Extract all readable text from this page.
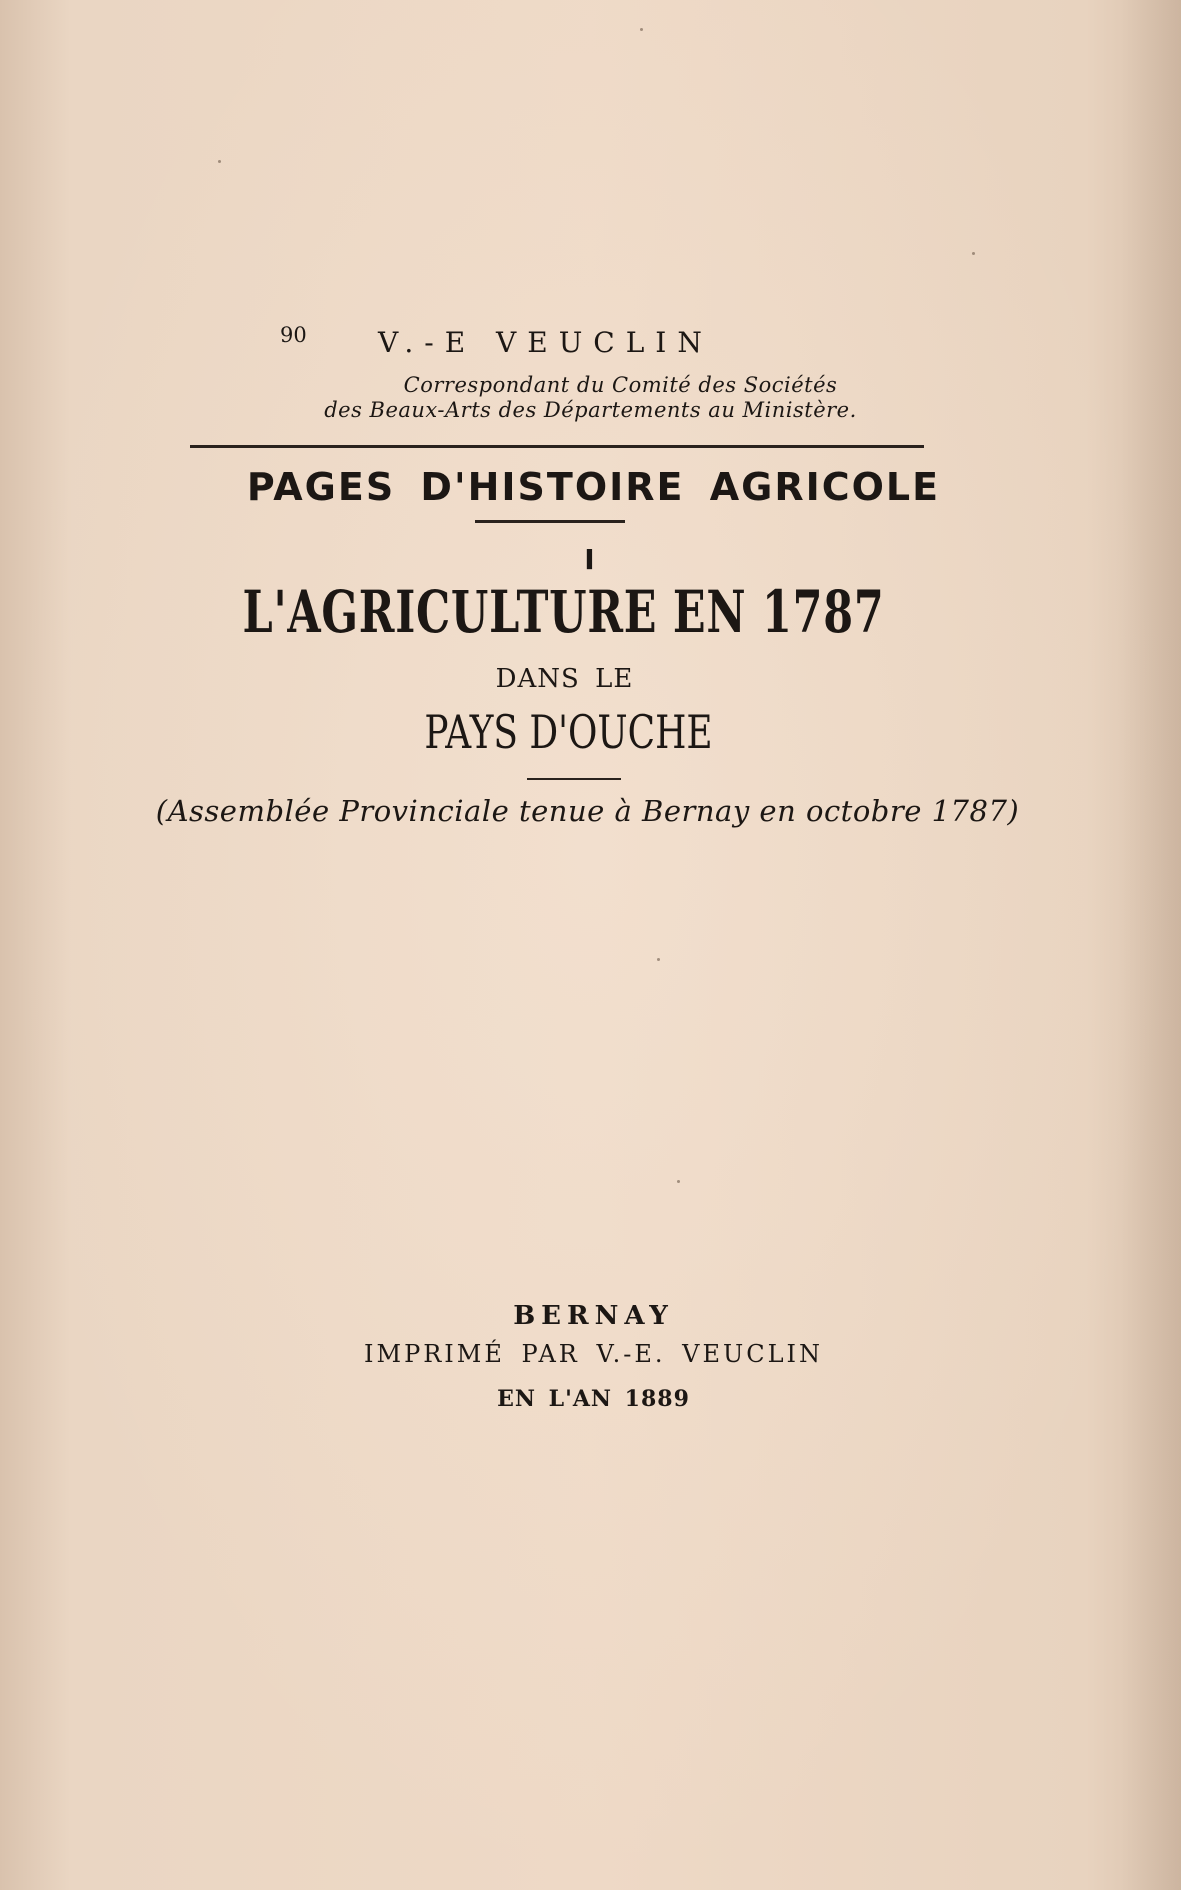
90	V.-E VEUCLIN
Correspondant du Comité des Sociétés
des Beaux-Arts des Départements au Ministère.
PAGES D'HISTOIRE AGRICOLE
I
L'AGRICULTURE EN 1787
DANS LE
PAYS D'OUCHE
(Assemblée Provinciale tenue à Bernay en octobre 1787)
BERNAY
IMPRIMÉ PAR V.-E. VEUCLIN
EN L'AN 1889
